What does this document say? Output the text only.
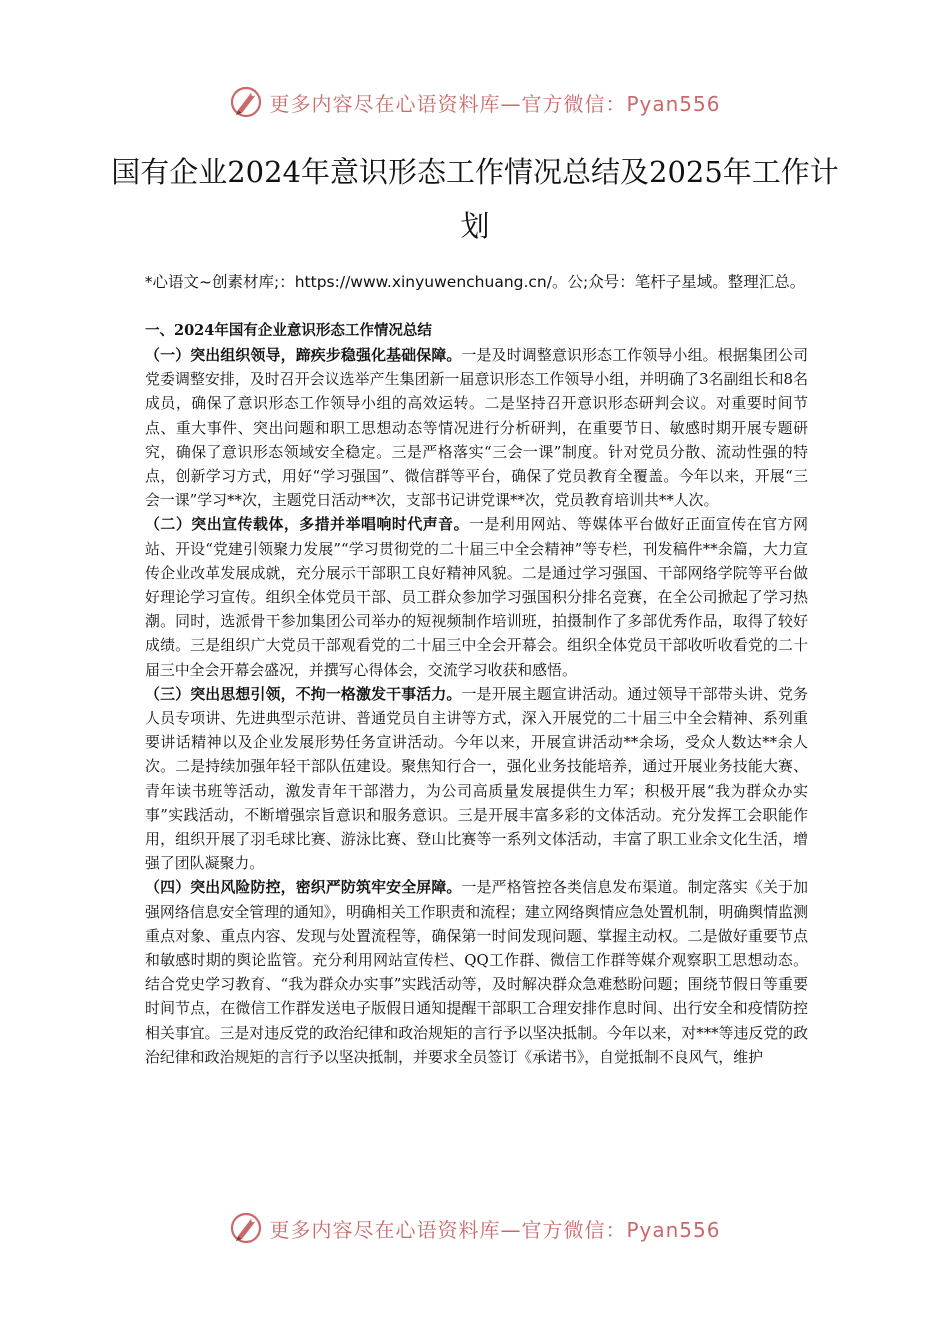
更多内容尽在心语资料库—官方微信：Pyan556
国有企业2024年意识形态工作情况总结及2025年工作计划

*心语文~创素材库;：https://www.xinyuwenchuang.cn/。公;众号：笔杆子星域。整理汇总。

一、2024年国有企业意识形态工作情况总结

（一）突出组织领导，蹄疾步稳强化基础保障。一是及时调整意识形态工作领导小组。根据集团公司党委调整安排，及时召开会议选举产生集团新一届意识形态工作领导小组，并明确了3名副组长和8名成员，确保了意识形态工作领导小组的高效运转。二是坚持召开意识形态研判会议。对重要时间节点、重大事件、突出问题和职工思想动态等情况进行分析研判，在重要节日、敏感时期开展专题研究，确保了意识形态领域安全稳定。三是严格落实“三会一课”制度。针对党员分散、流动性强的特点，创新学习方式，用好“学习强国”、微信群等平台，确保了党员教育全覆盖。今年以来，开展“三会一课”学习**次，主题党日活动**次，支部书记讲党课**次，党员教育培训共**人次。

（二）突出宣传载体，多措并举唱响时代声音。一是利用网站、等媒体平台做好正面宣传在官方网站、开设“党建引领聚力发展”“学习贯彻党的二十届三中全会精神”等专栏，刊发稿件**余篇，大力宣传企业改革发展成就，充分展示干部职工良好精神风貌。二是通过学习强国、干部网络学院等平台做好理论学习宣传。组织全体党员干部、员工群众参加学习强国积分排名竞赛，在全公司掀起了学习热潮。同时，选派骨干参加集团公司举办的短视频制作培训班，拍摄制作了多部优秀作品，取得了较好成绩。三是组织广大党员干部观看党的二十届三中全会开幕会。组织全体党员干部收听收看党的二十届三中全会开幕会盛况，并撰写心得体会，交流学习收获和感悟。

（三）突出思想引领，不拘一格激发干事活力。一是开展主题宣讲活动。通过领导干部带头讲、党务人员专项讲、先进典型示范讲、普通党员自主讲等方式，深入开展党的二十届三中全会精神、系列重要讲话精神以及企业发展形势任务宣讲活动。今年以来，开展宣讲活动**余场，受众人数达**余人次。二是持续加强年轻干部队伍建设。聚焦知行合一，强化业务技能培养，通过开展业务技能大赛、青年读书班等活动，激发青年干部潜力，为公司高质量发展提供生力军；积极开展“我为群众办实事”实践活动，不断增强宗旨意识和服务意识。三是开展丰富多彩的文体活动。充分发挥工会职能作用，组织开展了羽毛球比赛、游泳比赛、登山比赛等一系列文体活动，丰富了职工业余文化生活，增强了团队凝聚力。

（四）突出风险防控，密织严防筑牢安全屏障。一是严格管控各类信息发布渠道。制定落实《关于加强网络信息安全管理的通知》，明确相关工作职责和流程；建立网络舆情应急处置机制，明确舆情监测重点对象、重点内容、发现与处置流程等，确保第一时间发现问题、掌握主动权。二是做好重要节点和敏感时期的舆论监管。充分利用网站宣传栏、QQ工作群、微信工作群等媒介观察职工思想动态。结合党史学习教育、“我为群众办实事”实践活动等，及时解决群众急难愁盼问题；围绕节假日等重要时间节点，在微信工作群发送电子版假日通知提醒干部职工合理安排作息时间、出行安全和疫情防控相关事宜。三是对违反党的政治纪律和政治规矩的言行予以坚决抵制。今年以来，对***等违反党的政治纪律和政治规矩的言行予以坚决抵制，并要求全员签订《承诺书》，自觉抵制不良风气，维护

更多内容尽在心语资料库—官方微信：Pyan556
